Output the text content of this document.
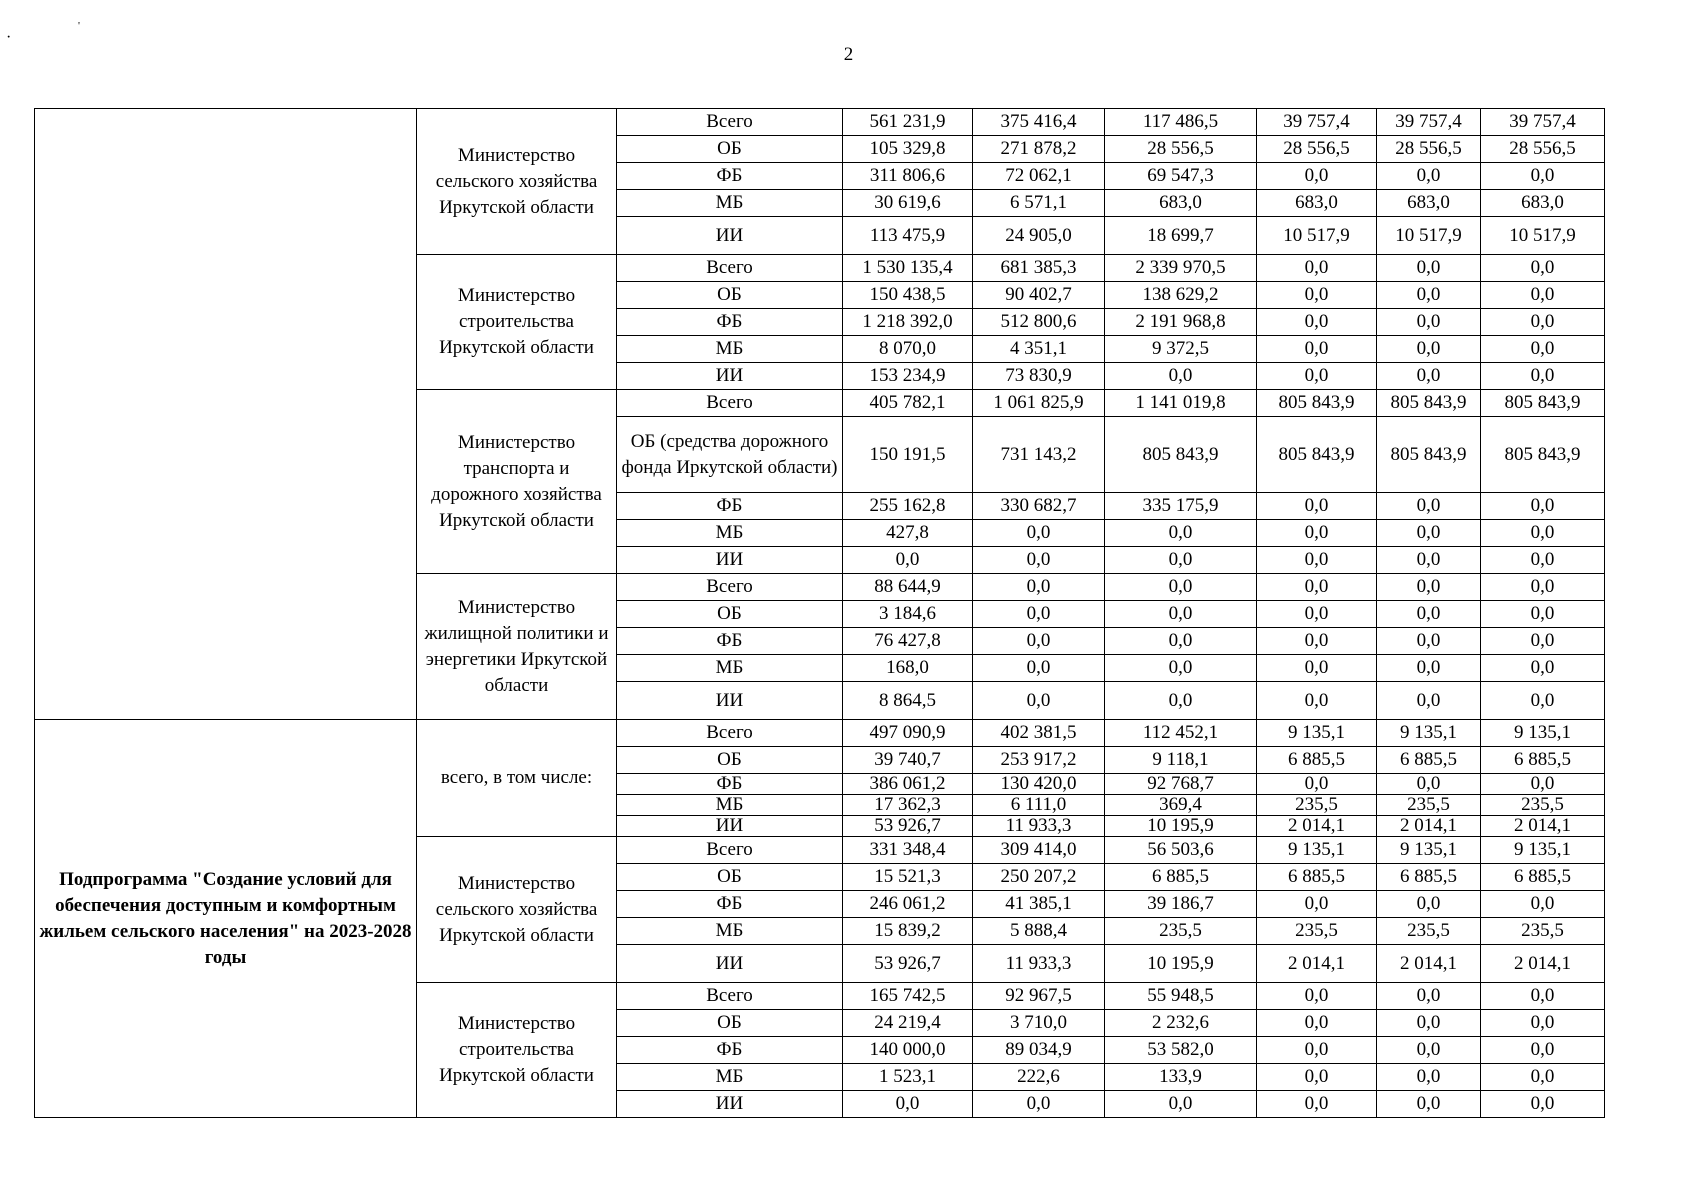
2
·
'
	Министерство сельского хозяйства Иркутской области	Всего	561 231,9	375 416,4	117 486,5	39 757,4	39 757,4	39 757,4
		ОБ	105 329,8	271 878,2	28 556,5	28 556,5	28 556,5	28 556,5
		ФБ	311 806,6	72 062,1	69 547,3	0,0	0,0	0,0
		МБ	30 619,6	6 571,1	683,0	683,0	683,0	683,0
		ИИ	113 475,9	24 905,0	18 699,7	10 517,9	10 517,9	10 517,9
	Министерство строительства Иркутской области	Всего	1 530 135,4	681 385,3	2 339 970,5	0,0	0,0	0,0
		ОБ	150 438,5	90 402,7	138 629,2	0,0	0,0	0,0
		ФБ	1 218 392,0	512 800,6	2 191 968,8	0,0	0,0	0,0
		МБ	8 070,0	4 351,1	9 372,5	0,0	0,0	0,0
		ИИ	153 234,9	73 830,9	0,0	0,0	0,0	0,0
	Министерство транспорта и дорожного хозяйства Иркутской области	Всего	405 782,1	1 061 825,9	1 141 019,8	805 843,9	805 843,9	805 843,9
		ОБ (средства дорожного фонда Иркутской области)	150 191,5	731 143,2	805 843,9	805 843,9	805 843,9	805 843,9
		ФБ	255 162,8	330 682,7	335 175,9	0,0	0,0	0,0
		МБ	427,8	0,0	0,0	0,0	0,0	0,0
		ИИ	0,0	0,0	0,0	0,0	0,0	0,0
	Министерство жилищной политики и энергетики Иркутской области	Всего	88 644,9	0,0	0,0	0,0	0,0	0,0
		ОБ	3 184,6	0,0	0,0	0,0	0,0	0,0
		ФБ	76 427,8	0,0	0,0	0,0	0,0	0,0
		МБ	168,0	0,0	0,0	0,0	0,0	0,0
		ИИ	8 864,5	0,0	0,0	0,0	0,0	0,0
Подпрограмма "Создание условий для обеспечения доступным и комфортным жильем сельского населения" на 2023-2028 годы	всего, в том числе:	Всего	497 090,9	402 381,5	112 452,1	9 135,1	9 135,1	9 135,1
		ОБ	39 740,7	253 917,2	9 118,1	6 885,5	6 885,5	6 885,5
		ФБ	386 061,2	130 420,0	92 768,7	0,0	0,0	0,0
		МБ	17 362,3	6 111,0	369,4	235,5	235,5	235,5
		ИИ	53 926,7	11 933,3	10 195,9	2 014,1	2 014,1	2 014,1
	Министерство сельского хозяйства Иркутской области	Всего	331 348,4	309 414,0	56 503,6	9 135,1	9 135,1	9 135,1
		ОБ	15 521,3	250 207,2	6 885,5	6 885,5	6 885,5	6 885,5
		ФБ	246 061,2	41 385,1	39 186,7	0,0	0,0	0,0
		МБ	15 839,2	5 888,4	235,5	235,5	235,5	235,5
		ИИ	53 926,7	11 933,3	10 195,9	2 014,1	2 014,1	2 014,1
	Министерство строительства Иркутской области	Всего	165 742,5	92 967,5	55 948,5	0,0	0,0	0,0
		ОБ	24 219,4	3 710,0	2 232,6	0,0	0,0	0,0
		ФБ	140 000,0	89 034,9	53 582,0	0,0	0,0	0,0
		МБ	1 523,1	222,6	133,9	0,0	0,0	0,0
		ИИ	0,0	0,0	0,0	0,0	0,0	0,0
